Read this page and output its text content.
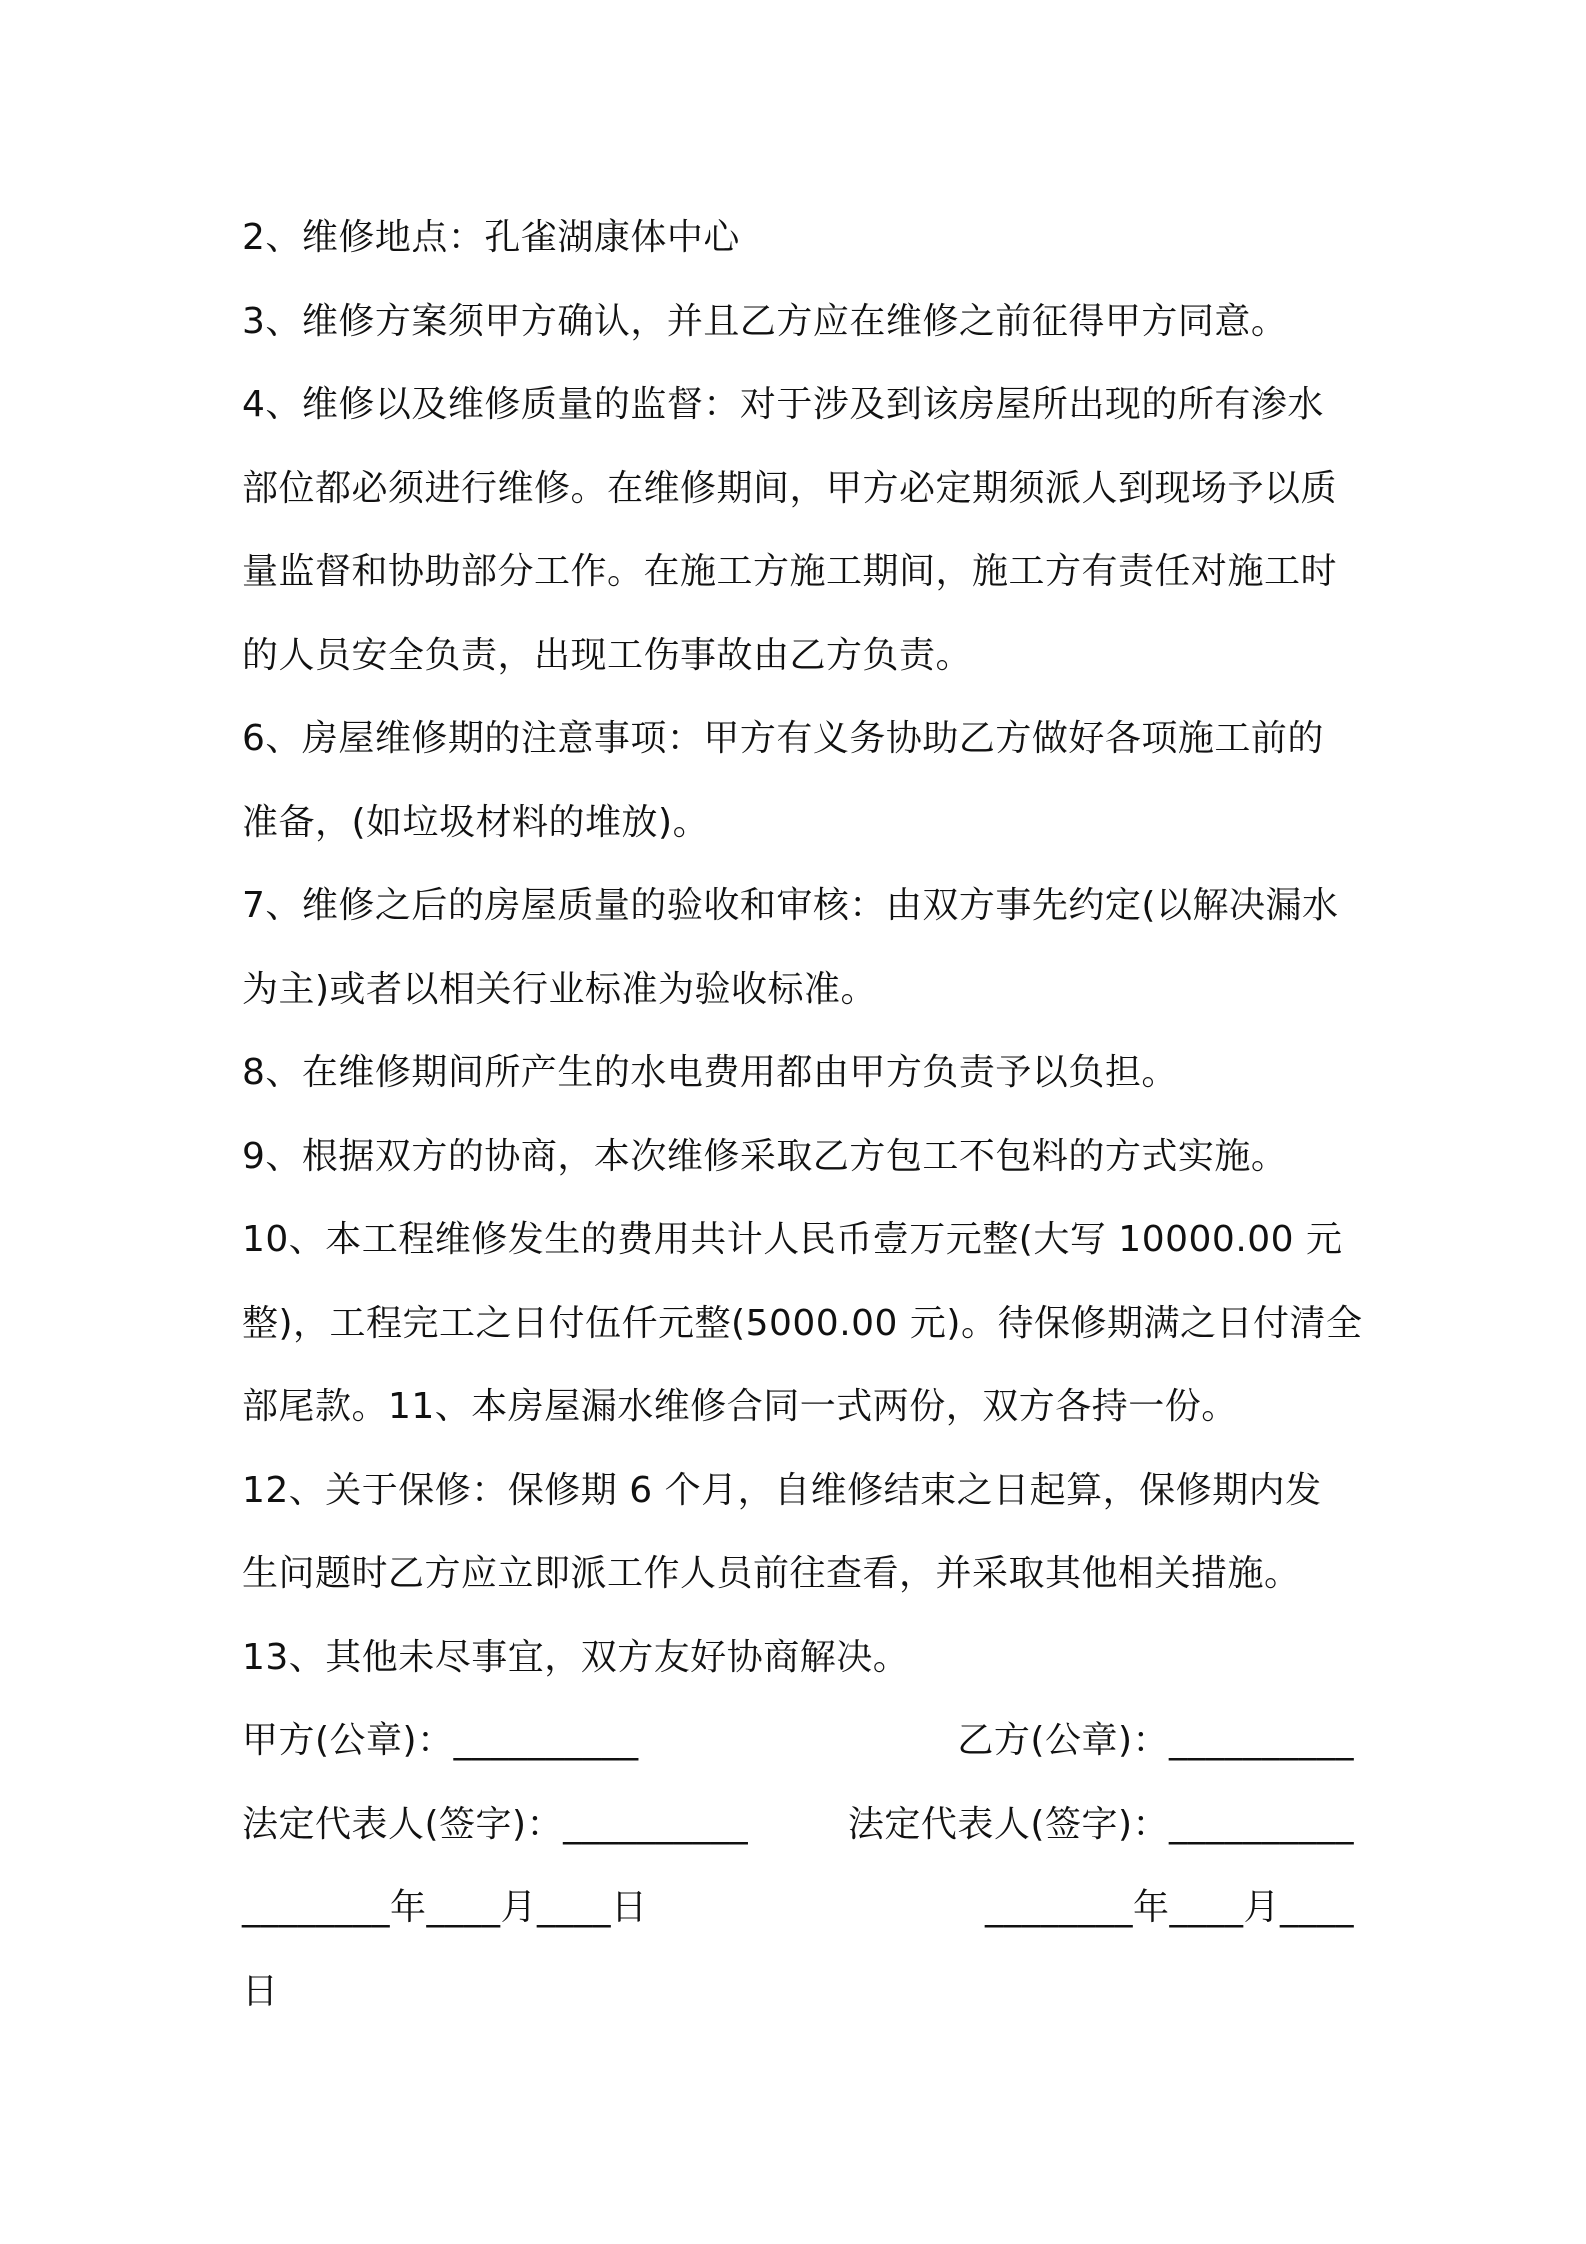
2、维修地点：孔雀湖康体中心
3、维修方案须甲方确认，并且乙方应在维修之前征得甲方同意。
4、维修以及维修质量的监督：对于涉及到该房屋所出现的所有渗水
部位都必须进行维修。在维修期间，甲方必定期须派人到现场予以质
量监督和协助部分工作。在施工方施工期间，施工方有责任对施工时
的人员安全负责，出现工伤事故由乙方负责。
6、房屋维修期的注意事项：甲方有义务协助乙方做好各项施工前的
准备，(如垃圾材料的堆放)。
7、维修之后的房屋质量的验收和审核：由双方事先约定(以解决漏水
为主)或者以相关行业标准为验收标准。
8、在维修期间所产生的水电费用都由甲方负责予以负担。
9、根据双方的协商，本次维修采取乙方包工不包料的方式实施。
10、本工程维修发生的费用共计人民币壹万元整(大写 10000.00 元
整)，工程完工之日付伍仟元整(5000.00 元)。待保修期满之日付清全
部尾款。11、本房屋漏水维修合同一式两份，双方各持一份。
12、关于保修：保修期 6 个月，自维修结束之日起算，保修期内发
生问题时乙方应立即派工作人员前往查看，并采取其他相关措施。
13、其他未尽事宜，双方友好协商解决。
甲方(公章)：__________	乙方(公章)：__________
法定代表人(签字)：__________	法定代表人(签字)：__________
________年____月____日	________年____月____
日
